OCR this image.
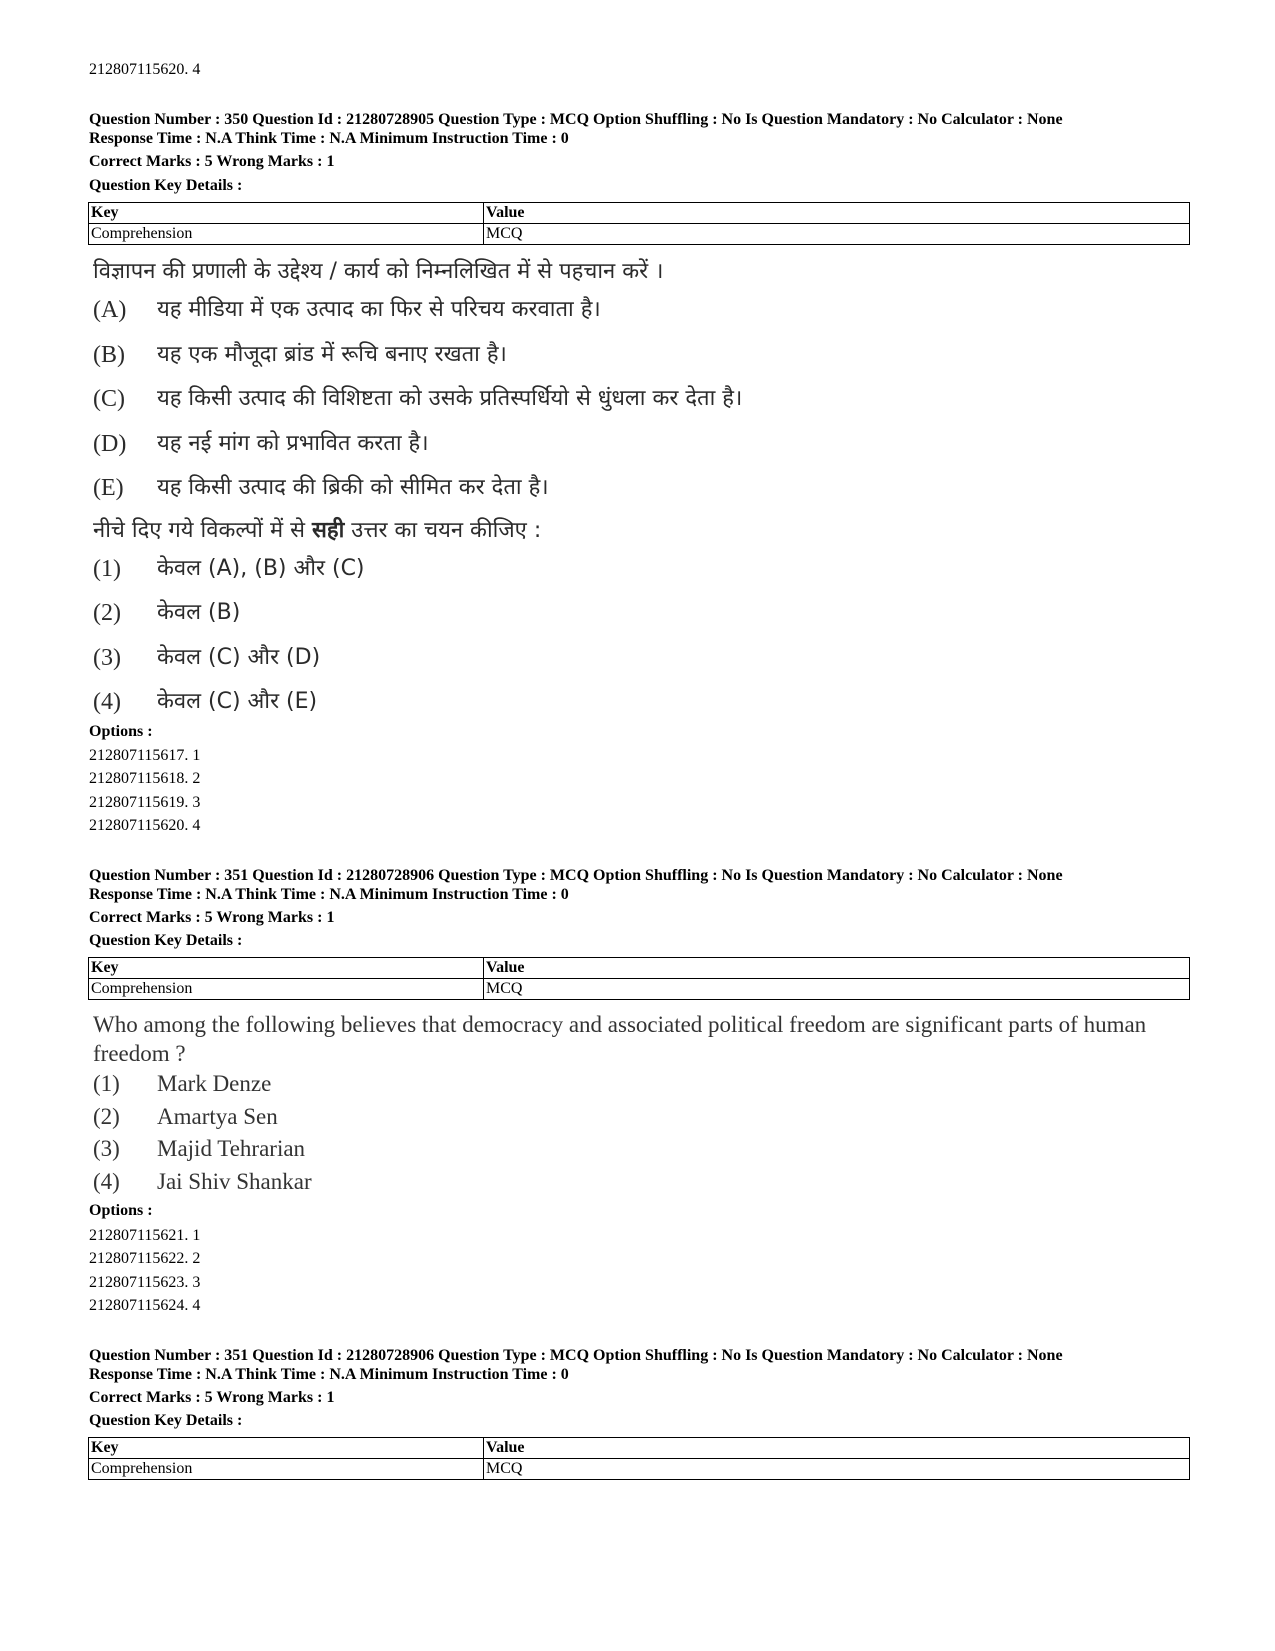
212807115620. 4
Question Number : 350 Question Id : 21280728905 Question Type : MCQ Option Shuffling : No Is Question Mandatory : No Calculator : None
Response Time : N.A Think Time : N.A Minimum Instruction Time : 0
Correct Marks : 5 Wrong Marks : 1
Question Key Details :
Key	Value
Comprehension	MCQ
विज्ञापन की प्रणाली के उद्देश्य / कार्य को निम्नलिखित में से पहचान करें ।
(A)	यह मीडिया में एक उत्पाद का फिर से परिचय करवाता है।
(B)	यह एक मौजूदा ब्रांड में रूचि बनाए रखता है।
(C)	यह किसी उत्पाद की विशिष्टता को उसके प्रतिस्पर्धियो से धुंधला कर देता है।
(D)	यह नई मांग को प्रभावित करता है।
(E)	यह किसी उत्पाद की ब्रिकी को सीमित कर देता है।
नीचे दिए गये विकल्पों में से सही उत्तर का चयन कीजिए :
(1)	केवल (A), (B) और (C)
(2)	केवल (B)
(3)	केवल (C) और (D)
(4)	केवल (C) और (E)
Options :
212807115617. 1
212807115618. 2
212807115619. 3
212807115620. 4
Question Number : 351 Question Id : 21280728906 Question Type : MCQ Option Shuffling : No Is Question Mandatory : No Calculator : None
Response Time : N.A Think Time : N.A Minimum Instruction Time : 0
Correct Marks : 5 Wrong Marks : 1
Question Key Details :
Key	Value
Comprehension	MCQ
Who among the following believes that democracy and associated political freedom are significant parts of human freedom ?
(1)	Mark Denze
(2)	Amartya Sen
(3)	Majid Tehrarian
(4)	Jai Shiv Shankar
Options :
212807115621. 1
212807115622. 2
212807115623. 3
212807115624. 4
Question Number : 351 Question Id : 21280728906 Question Type : MCQ Option Shuffling : No Is Question Mandatory : No Calculator : None
Response Time : N.A Think Time : N.A Minimum Instruction Time : 0
Correct Marks : 5 Wrong Marks : 1
Question Key Details :
Key	Value
Comprehension	MCQ
